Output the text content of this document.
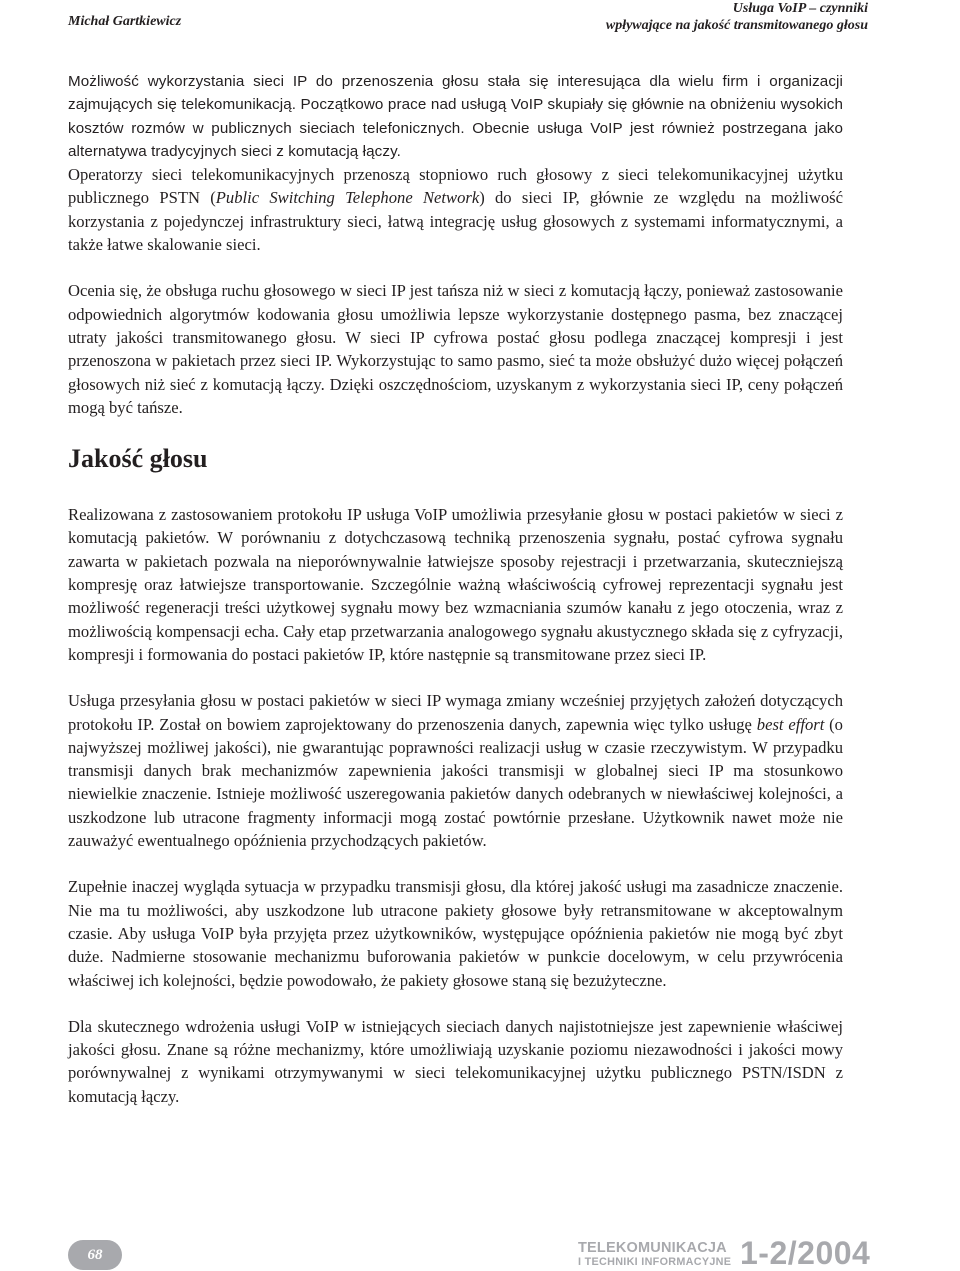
Michał Gartkiewicz
Usługa VoIP – czynniki
wpływające na jakość transmitowanego głosu

Możliwość wykorzystania sieci IP do przenoszenia głosu stała się interesująca dla wielu firm i organizacji zajmujących się telekomunikacją. Początkowo prace nad usługą VoIP skupiały się głównie na obniżeniu wysokich kosztów rozmów w publicznych sieciach telefonicznych. Obecnie usługa VoIP jest również postrzegana jako alternatywa tradycyjnych sieci z komutacją łączy.

Operatorzy sieci telekomunikacyjnych przenoszą stopniowo ruch głosowy z sieci telekomunikacyjnej użytku publicznego PSTN (Public Switching Telephone Network) do sieci IP, głównie ze względu na możliwość korzystania z pojedynczej infrastruktury sieci, łatwą integrację usług głosowych z systemami informatycznymi, a także łatwe skalowanie sieci.

Ocenia się, że obsługa ruchu głosowego w sieci IP jest tańsza niż w sieci z komutacją łączy, ponieważ zastosowanie odpowiednich algorytmów kodowania głosu umożliwia lepsze wykorzystanie dostępnego pasma, bez znaczącej utraty jakości transmitowanego głosu. W sieci IP cyfrowa postać głosu podlega znaczącej kompresji i jest przenoszona w pakietach przez sieci IP. Wykorzystując to samo pasmo, sieć ta może obsłużyć dużo więcej połączeń głosowych niż sieć z komutacją łączy. Dzięki oszczędnościom, uzyskanym z wykorzystania sieci IP, ceny połączeń mogą być tańsze.

Jakość głosu

Realizowana z zastosowaniem protokołu IP usługa VoIP umożliwia przesyłanie głosu w postaci pakietów w sieci z komutacją pakietów. W porównaniu z dotychczasową techniką przenoszenia sygnału, postać cyfrowa sygnału zawarta w pakietach pozwala na nieporównywalnie łatwiejsze sposoby rejestracji i przetwarzania, skuteczniejszą kompresję oraz łatwiejsze transportowanie. Szczególnie ważną właściwością cyfrowej reprezentacji sygnału jest możliwość regeneracji treści użytkowej sygnału mowy bez wzmacniania szumów kanału z jego otoczenia, wraz z możliwością kompensacji echa. Cały etap przetwarzania analogowego sygnału akustycznego składa się z cyfryzacji, kompresji i formowania do postaci pakietów IP, które następnie są transmitowane przez sieci IP.

Usługa przesyłania głosu w postaci pakietów w sieci IP wymaga zmiany wcześniej przyjętych założeń dotyczących protokołu IP. Został on bowiem zaprojektowany do przenoszenia danych, zapewnia więc tylko usługę best effort (o najwyższej możliwej jakości), nie gwarantując poprawności realizacji usług w czasie rzeczywistym. W przypadku transmisji danych brak mechanizmów zapewnienia jakości transmisji w globalnej sieci IP ma stosunkowo niewielkie znaczenie. Istnieje możliwość uszeregowania pakietów danych odebranych w niewłaściwej kolejności, a uszkodzone lub utracone fragmenty informacji mogą zostać powtórnie przesłane. Użytkownik nawet może nie zauważyć ewentualnego opóźnienia przychodzących pakietów.

Zupełnie inaczej wygląda sytuacja w przypadku transmisji głosu, dla której jakość usługi ma zasadnicze znaczenie. Nie ma tu możliwości, aby uszkodzone lub utracone pakiety głosowe były retransmitowane w akceptowalnym czasie. Aby usługa VoIP była przyjęta przez użytkowników, występujące opóźnienia pakietów nie mogą być zbyt duże. Nadmierne stosowanie mechanizmu buforowania pakietów w punkcie docelowym, w celu przywrócenia właściwej ich kolejności, będzie powodowało, że pakiety głosowe staną się bezużyteczne.

Dla skutecznego wdrożenia usługi VoIP w istniejących sieciach danych najistotniejsze jest zapewnienie właściwej jakości głosu. Znane są różne mechanizmy, które umożliwiają uzyskanie poziomu niezawodności i jakości mowy porównywalnej z wynikami otrzymywanymi w sieci telekomunikacyjnej użytku publicznego PSTN/ISDN z komutacją łączy.

68	TELEKOMUNIKACJA
I TECHNIKI INFORMACYJNE 1-2/2004
